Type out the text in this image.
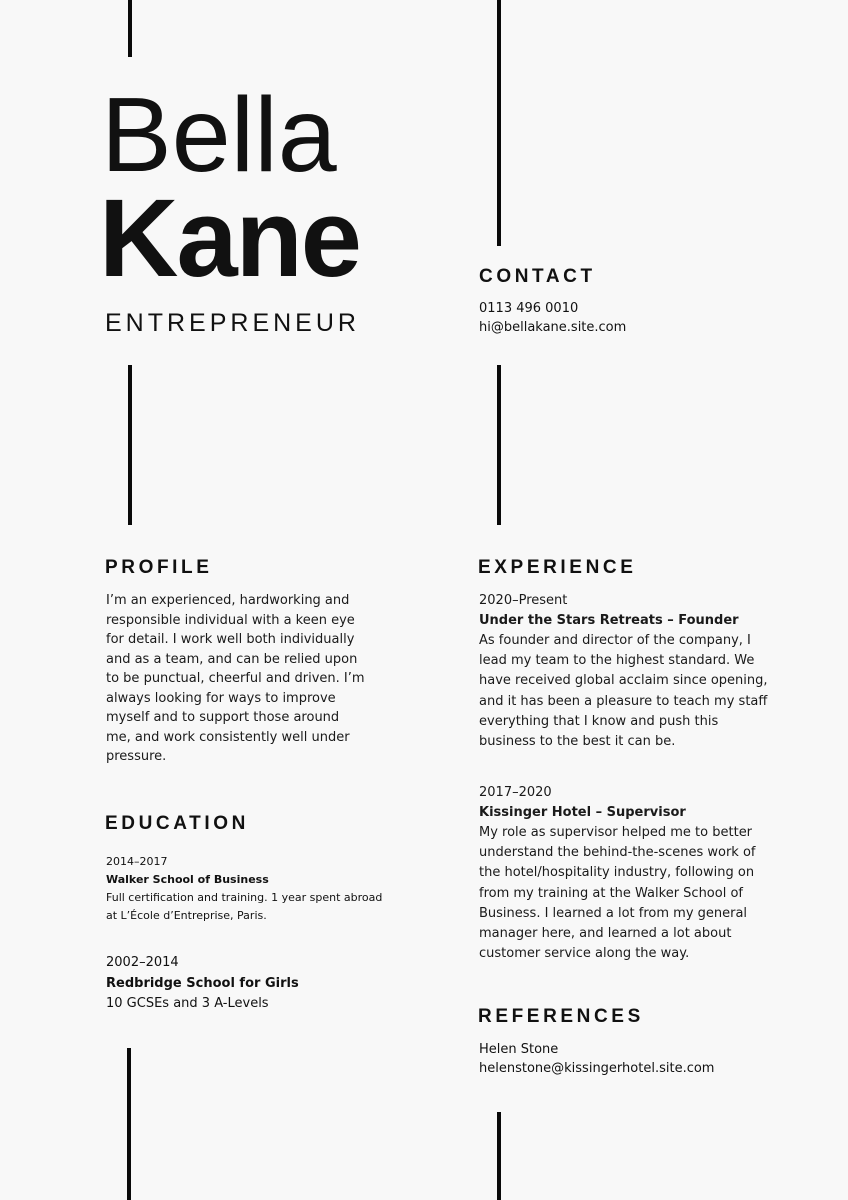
Bella
Kane
ENTREPRENEUR
CONTACT
0113 496 0010
hi@bellakane.site.com
PROFILE
I’m an experienced, hardworking and responsible individual with a keen eye for detail. I work well both individually and as a team, and can be relied upon to be punctual, cheerful and driven. I’m always looking for ways to improve myself and to support those around me, and work consistently well under pressure.
EDUCATION
2014–2017
Walker School of Business
Full certification and training. 1 year spent abroad at L’École d’Entreprise, Paris.
2002–2014
Redbridge School for Girls
10 GCSEs and 3 A-Levels
EXPERIENCE
2020–Present
Under the Stars Retreats – Founder
As founder and director of the company, I lead my team to the highest standard. We have received global acclaim since opening, and it has been a pleasure to teach my staff everything that I know and push this business to the best it can be.
2017–2020
Kissinger Hotel – Supervisor
My role as supervisor helped me to better understand the behind-the-scenes work of the hotel/hospitality industry, following on from my training at the Walker School of Business. I learned a lot from my general manager here, and learned a lot about customer service along the way.
REFERENCES
Helen Stone
helenstone@kissingerhotel.site.com
